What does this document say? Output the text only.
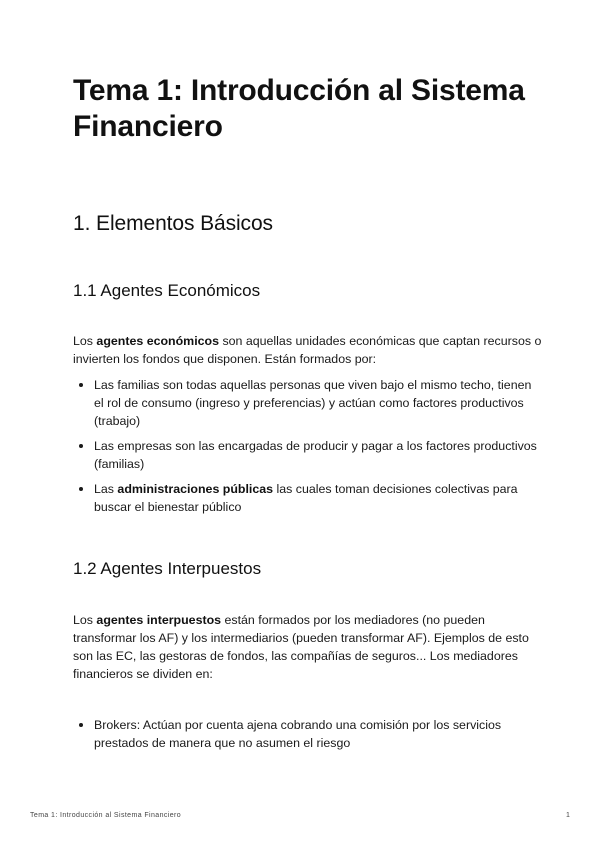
Tema 1: Introducción al Sistema Financiero
1. Elementos Básicos
1.1 Agentes Económicos

Los agentes económicos son aquellas unidades económicas que captan recursos o invierten los fondos que disponen. Están formados por:

Las familias son todas aquellas personas que viven bajo el mismo techo, tienen el rol de consumo (ingreso y preferencias) y actúan como factores productivos (trabajo)
Las empresas son las encargadas de producir y pagar a los factores productivos (familias)
Las administraciones públicas las cuales toman decisiones colectivas para buscar el bienestar público
1.2 Agentes Interpuestos

Los agentes interpuestos están formados por los mediadores (no pueden transformar los AF) y los intermediarios (pueden transformar AF). Ejemplos de esto son las EC, las gestoras de fondos, las compañías de seguros... Los mediadores financieros se dividen en:

Brokers: Actúan por cuenta ajena cobrando una comisión por los servicios prestados de manera que no asumen el riesgo
Tema 1: Introducción al Sistema Financiero	1
